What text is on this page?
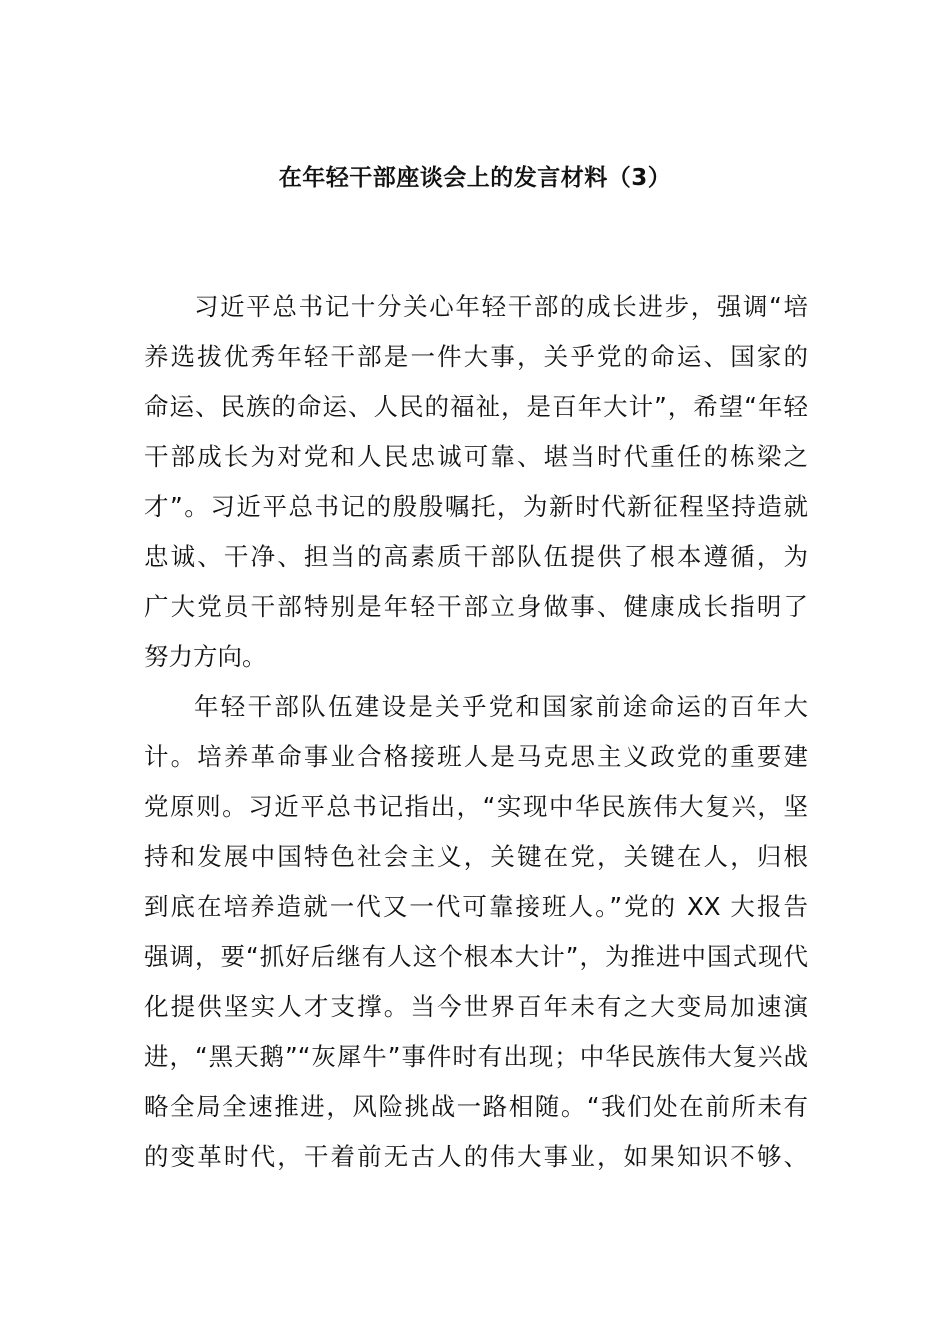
在年轻干部座谈会上的发言材料（3）
习近平总书记十分关心年轻干部的成长进步，强调“培
养选拔优秀年轻干部是一件大事，关乎党的命运、国家的
命运、民族的命运、人民的福祉，是百年大计”，希望“年轻
干部成长为对党和人民忠诚可靠、堪当时代重任的栋梁之
才”。习近平总书记的殷殷嘱托，为新时代新征程坚持造就
忠诚、干净、担当的高素质干部队伍提供了根本遵循，为
广大党员干部特别是年轻干部立身做事、健康成长指明了
努力方向。
年轻干部队伍建设是关乎党和国家前途命运的百年大
计。培养革命事业合格接班人是马克思主义政党的重要建
党原则。习近平总书记指出，“实现中华民族伟大复兴，坚
持和发展中国特色社会主义，关键在党，关键在人，归根
到底在培养造就一代又一代可靠接班人。”党的 XX 大报告
强调，要“抓好后继有人这个根本大计”，为推进中国式现代
化提供坚实人才支撑。当今世界百年未有之大变局加速演
进，“黑天鹅”“灰犀牛”事件时有出现；中华民族伟大复兴战
略全局全速推进，风险挑战一路相随。“我们处在前所未有
的变革时代，干着前无古人的伟大事业，如果知识不够、
